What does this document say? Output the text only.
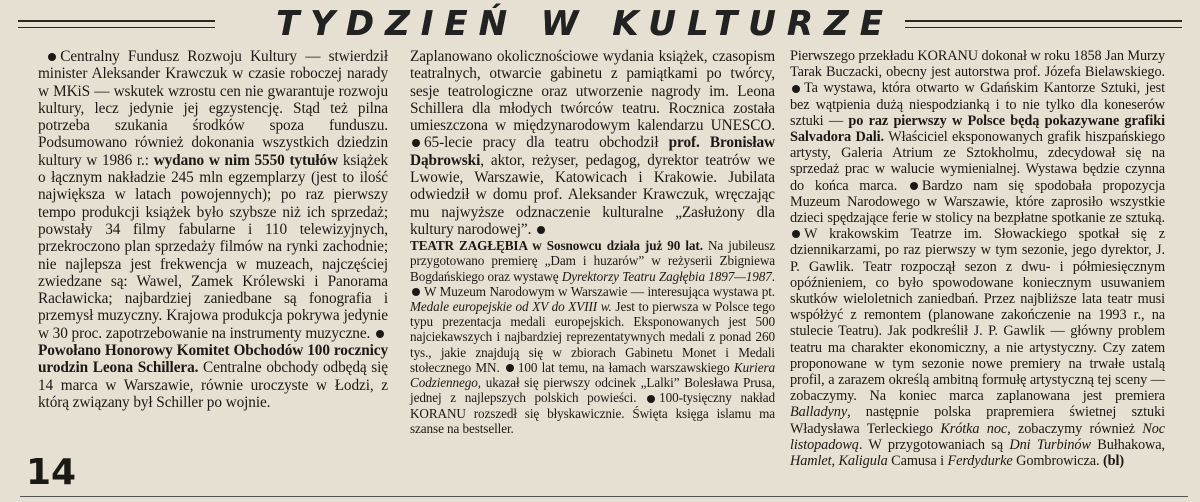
TYDZIEŃ W KULTURZE

Centralny Fundusz Rozwoju Kultury — stwierdził minister Aleksander Krawczuk w czasie roboczej narady w MKiS — wskutek wzrostu cen nie gwarantuje rozwoju kultury, lecz jedynie jej egzystencję. Stąd też pilna potrzeba szukania środków spoza funduszu. Podsumowano również dokonania wszystkich dziedzin kultury w 1986 r.: wydano w nim 5550 tytułów książek o łącznym nakładzie 245 mln egzemplarzy (jest to ilość największa w latach powojennych); po raz pierwszy tempo produkcji książek było szybsze niż ich sprzedaż; powstały 34 filmy fabularne i 110 telewizyjnych, przekroczono plan sprzedaży filmów na rynki zachodnie; nie najlepsza jest frekwencja w muzeach, najczęściej zwiedzane są: Wawel, Zamek Królewski i Panorama Racławicka; najbardziej zaniedbane są fonografia i przemysł muzyczny. Krajowa produkcja pokrywa jedynie w 30 proc. zapotrzebowanie na instrumenty muzyczne. Powołano Honorowy Komitet Obchodów 100 rocznicy urodzin Leona Schillera. Centralne obchody odbędą się 14 marca w Warszawie, równie uroczyste w Łodzi, z którą związany był Schiller po wojnie.

Zaplanowano okolicznościowe wydania książek, czasopism teatralnych, otwarcie gabinetu z pamiątkami po twórcy, sesje teatrologiczne oraz utworzenie nagrody im. Leona Schillera dla młodych twórców teatru. Rocznica została umieszczona w międzynarodowym kalendarzu UNESCO. 65-lecie pracy dla teatru obchodził prof. Bronisław Dąbrowski, aktor, reżyser, pedagog, dyrektor teatrów we Lwowie, Warszawie, Katowicach i Krakowie. Jubilata odwiedził w domu prof. Aleksander Krawczuk, wręczając mu najwyższe odznaczenie kulturalne „Zasłużony dla kultury narodowej”.
TEATR ZAGŁĘBIA w Sosnowcu działa już 90 lat. Na jubileusz przygotowano premierę „Dam i huzarów” w reżyserii Zbigniewa Bogdańskiego oraz wystawę Dyrektorzy Teatru Zagłębia 1897—1987. W Muzeum Narodowym w Warszawie — interesująca wystawa pt. Medale europejskie od XV do XVIII w. Jest to pierwsza w Polsce tego typu prezentacja medali europejskich. Eksponowanych jest 500 najciekawszych i najbardziej reprezentatywnych medali z ponad 260 tys., jakie znajdują się w zbiorach Gabinetu Monet i Medali stołecznego MN. 100 lat temu, na łamach warszawskiego Kuriera Codziennego, ukazał się pierwszy odcinek „Lalki” Bolesława Prusa, jednej z najlepszych polskich powieści. 100-tysięczny nakład KORANU rozszedł się błyskawicznie. Święta księga islamu ma szanse na bestseller.

Pierwszego przekładu KORANU dokonał w roku 1858 Jan Murzy Tarak Buczacki, obecny jest autorstwa prof. Józefa Bielawskiego. Ta wystawa, która otwarto w Gdańskim Kantorze Sztuki, jest bez wątpienia dużą niespodzianką i to nie tylko dla koneserów sztuki — po raz pierwszy w Polsce będą pokazywane grafiki Salvadora Dali. Właściciel eksponowanych grafik hiszpańskiego artysty, Galeria Atrium ze Sztokholmu, zdecydował się na sprzedaż prac w walucie wymienialnej. Wystawa będzie czynna do końca marca. Bardzo nam się spodobała propozycja Muzeum Narodowego w Warszawie, które zaprosiło wszystkie dzieci spędzające ferie w stolicy na bezpłatne spotkanie ze sztuką. W krakowskim Teatrze im. Słowackiego spotkał się z dziennikarzami, po raz pierwszy w tym sezonie, jego dyrektor, J. P. Gawlik. Teatr rozpoczął sezon z dwu- i półmiesięcznym opóźnieniem, co było spowodowane koniecznym usuwaniem skutków wieloletnich zaniedbań. Przez najbliższe lata teatr musi współżyć z remontem (planowane zakończenie na 1993 r., na stulecie Teatru). Jak podkreślił J. P. Gawlik — główny problem teatru ma charakter ekonomiczny, a nie artystyczny. Czy zatem proponowane w tym sezonie nowe premiery na trwałe ustalą profil, a zarazem określą ambitną formułę artystyczną tej sceny — zobaczymy. Na koniec marca zaplanowana jest premiera Balladyny, następnie polska prapremiera świetnej sztuki Władysława Terleckiego Krótka noc, zobaczymy również Noc listopadową. W przygotowaniach są Dni Turbinów Bułhakowa, Hamlet, Kaligula Camusa i Ferdydurke Gombrowicza. (bl)

14
